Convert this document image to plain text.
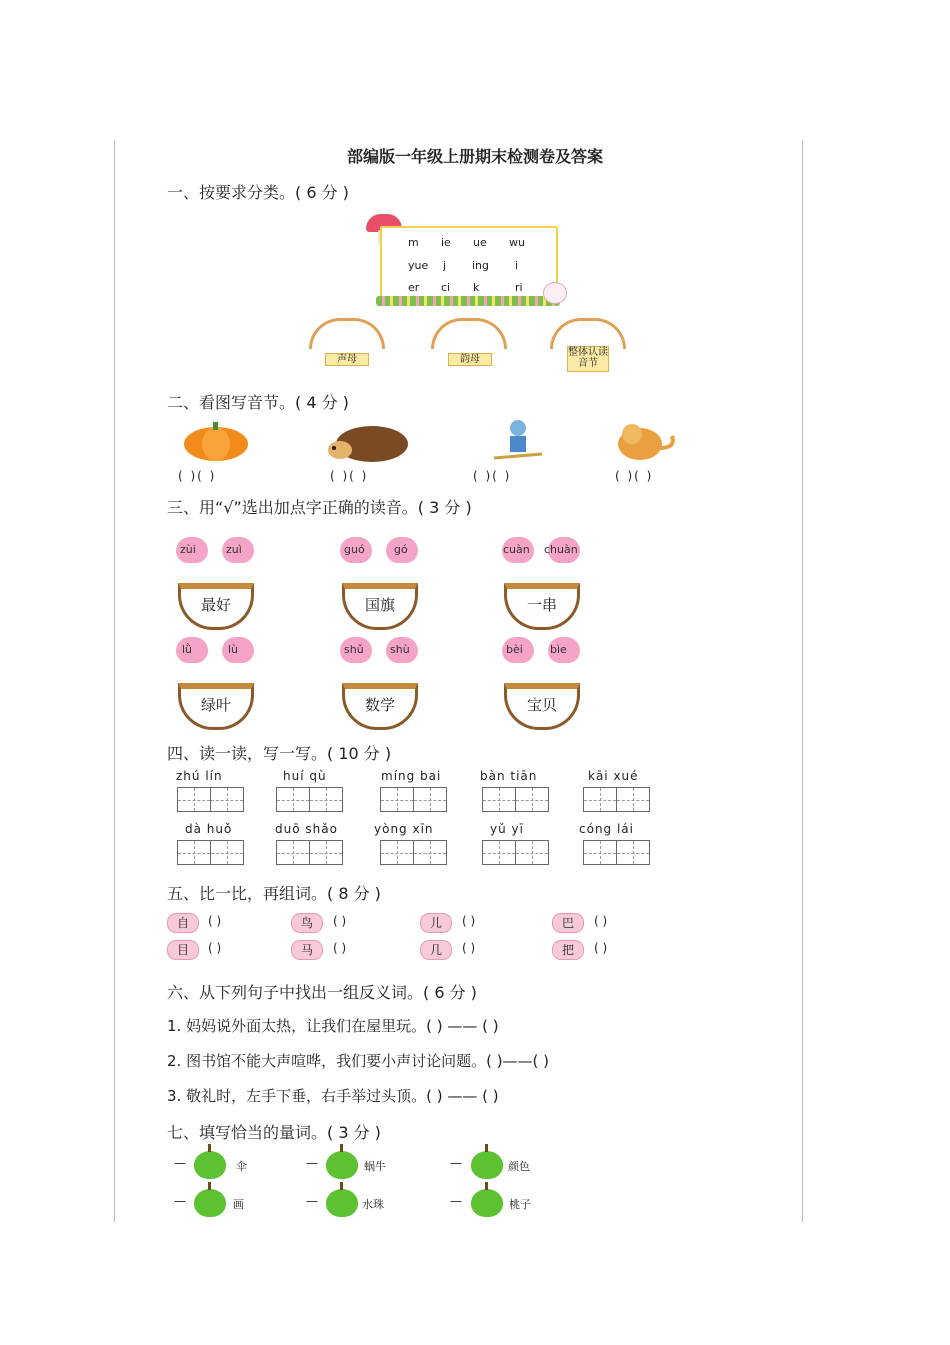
部编版一年级上册期末检测卷及答案
一、按要求分类。( 6 分 )
m ie ue wu
yue j ing i
er ci k	ri
声母	韵母
整体认读音节
二、看图写音节。( 4 分 )
( )( )	( )( )	( )( )	( )( )
三、用“√”选出加点字正确的读音。( 3 分 )
zùi	zuì
最好
guó	gó
国旗
cuàn chuàn
一串
lǜ	lù
绿叶
shǔ shù
数学
bèi bìe
宝贝
四、读一读，写一写。( 10 分 )
zhú lín	huí qù	míng bai	bàn tiān	kāi xué
dà huǒ	duō shǎo	yòng xīn	yǔ yī	cóng lái
五、比一比，再组词。( 8 分 )
自	( )	鸟	( )	儿	( )	巴	( )
目	( )	马	( )	几	( )	把	( )
六、从下列句子中找出一组反义词。( 6 分 )
1. 妈妈说外面太热，让我们在屋里玩。( ) —— ( )
2. 图书馆不能大声喧哗，我们要小声讨论问题。( )——( )
3. 敬礼时，左手下垂，右手举过头顶。( ) —— ( )
七、填写恰当的量词。( 3 分 )
—	伞	—	蜗牛	—	颜色
—	画	—	水珠	—	桃子
